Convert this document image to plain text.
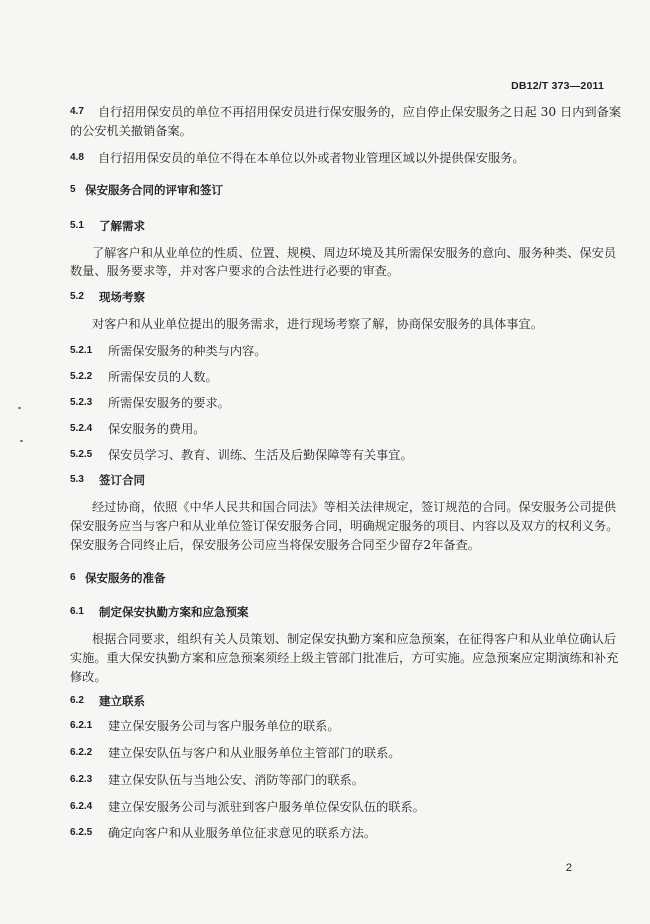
DB12/T 373—2011
4.7 自行招用保安员的单位不再招用保安员进行保安服务的，应自停止保安服务之日起 30 日内到备案
的公安机关撤销备案。
4.8 自行招用保安员的单位不得在本单位以外或者物业管理区域以外提供保安服务。
5 保安服务合同的评审和签订
5.1 了解需求
了解客户和从业单位的性质、位置、规模、周边环境及其所需保安服务的意向、服务种类、保安员
数量、服务要求等，并对客户要求的合法性进行必要的审查。
5.2 现场考察
对客户和从业单位提出的服务需求，进行现场考察了解，协商保安服务的具体事宜。
5.2.1 所需保安服务的种类与内容。
5.2.2 所需保安员的人数。
5.2.3 所需保安服务的要求。
5.2.4 保安服务的费用。
5.2.5 保安员学习、教育、训练、生活及后勤保障等有关事宜。
5.3 签订合同
经过协商，依照《中华人民共和国合同法》等相关法律规定，签订规范的合同。保安服务公司提供
保安服务应当与客户和从业单位签订保安服务合同，明确规定服务的项目、内容以及双方的权利义务。
保安服务合同终止后，保安服务公司应当将保安服务合同至少留存2年备查。
6 保安服务的准备
6.1 制定保安执勤方案和应急预案
根据合同要求，组织有关人员策划、制定保安执勤方案和应急预案，在征得客户和从业单位确认后
实施。重大保安执勤方案和应急预案须经上级主管部门批准后，方可实施。应急预案应定期演练和补充
修改。
6.2 建立联系
6.2.1 建立保安服务公司与客户服务单位的联系。
6.2.2 建立保安队伍与客户和从业服务单位主管部门的联系。
6.2.3 建立保安队伍与当地公安、消防等部门的联系。
6.2.4 建立保安服务公司与派驻到客户服务单位保安队伍的联系。
6.2.5 确定向客户和从业服务单位征求意见的联系方法。
2
